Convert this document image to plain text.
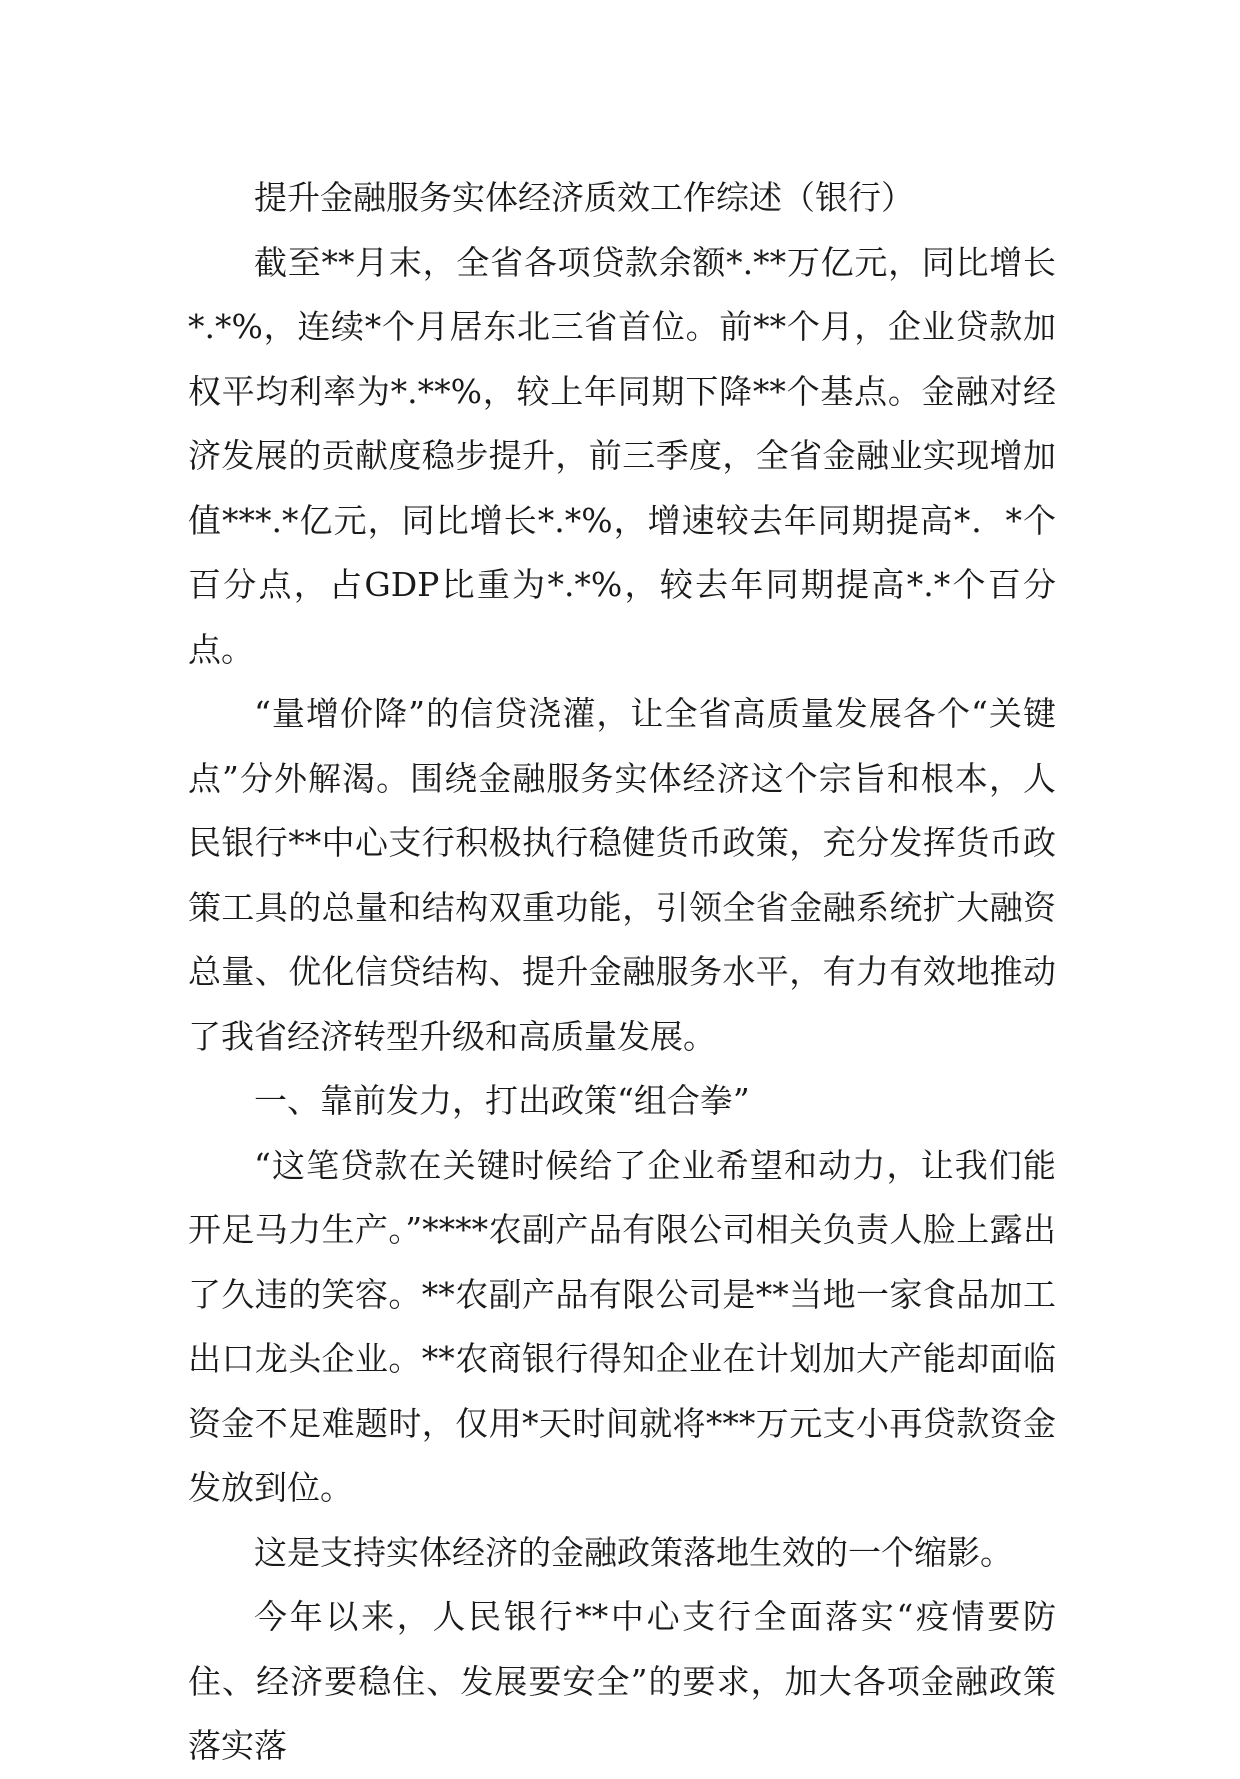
提升金融服务实体经济质效工作综述（银行）

截至**月末，全省各项贷款余额*.**万亿元，同比增长*.*%，连续*个月居东北三省首位。前**个月，企业贷款加权平均利率为*.**%，较上年同期下降**个基点。金融对经济发展的贡献度稳步提升，前三季度，全省金融业实现增加值***.*亿元，同比增长*.*%，增速较去年同期提高*．*个百分点，占GDP比重为*.*%，较去年同期提高*.*个百分点。

“量增价降”的信贷浇灌，让全省高质量发展各个“关键点”分外解渴。围绕金融服务实体经济这个宗旨和根本，人民银行**中心支行积极执行稳健货币政策，充分发挥货币政策工具的总量和结构双重功能，引领全省金融系统扩大融资总量、优化信贷结构、提升金融服务水平，有力有效地推动了我省经济转型升级和高质量发展。

一、靠前发力，打出政策“组合拳”

“这笔贷款在关键时候给了企业希望和动力，让我们能开足马力生产。”****农副产品有限公司相关负责人脸上露出了久违的笑容。**农副产品有限公司是**当地一家食品加工出口龙头企业。**农商银行得知企业在计划加大产能却面临资金不足难题时，仅用*天时间就将***万元支小再贷款资金发放到位。

这是支持实体经济的金融政策落地生效的一个缩影。

今年以来，人民银行**中心支行全面落实“疫情要防住、经济要稳住、发展要安全”的要求，加大各项金融政策落实落
